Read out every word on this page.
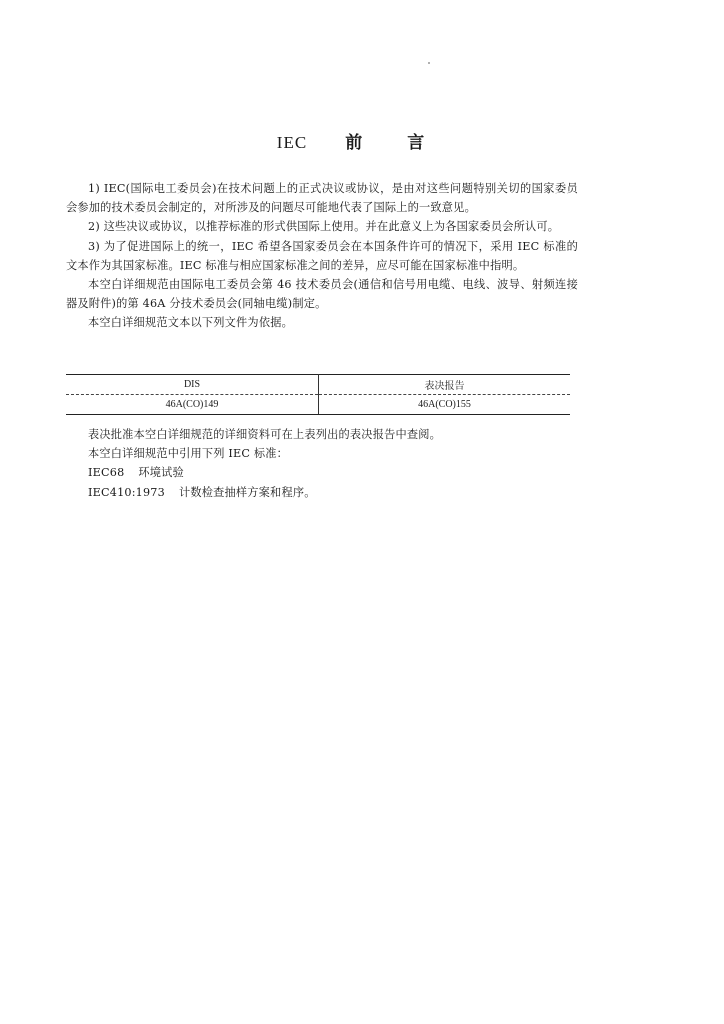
IEC 前	言

1) IEC(国际电工委员会)在技术问题上的正式决议或协议，是由对这些问题特别关切的国家委员会参加的技术委员会制定的，对所涉及的问题尽可能地代表了国际上的一致意见。

2) 这些决议或协议，以推荐标准的形式供国际上使用。并在此意义上为各国家委员会所认可。

3) 为了促进国际上的统一，IEC 希望各国家委员会在本国条件许可的情况下，采用 IEC 标准的文本作为其国家标准。IEC 标准与相应国家标准之间的差异，应尽可能在国家标准中指明。

本空白详细规范由国际电工委员会第 46 技术委员会(通信和信号用电缆、电线、波导、射频连接器及附件)的第 46A 分技术委员会(同轴电缆)制定。

本空白详细规范文本以下列文件为依据。

DIS	表决报告
46A(CO)149	46A(CO)155

表决批准本空白详细规范的详细资料可在上表列出的表决报告中查阅。

本空白详细规范中引用下列 IEC 标准：

IEC68 环境试验

IEC410:1973 计数检查抽样方案和程序。
